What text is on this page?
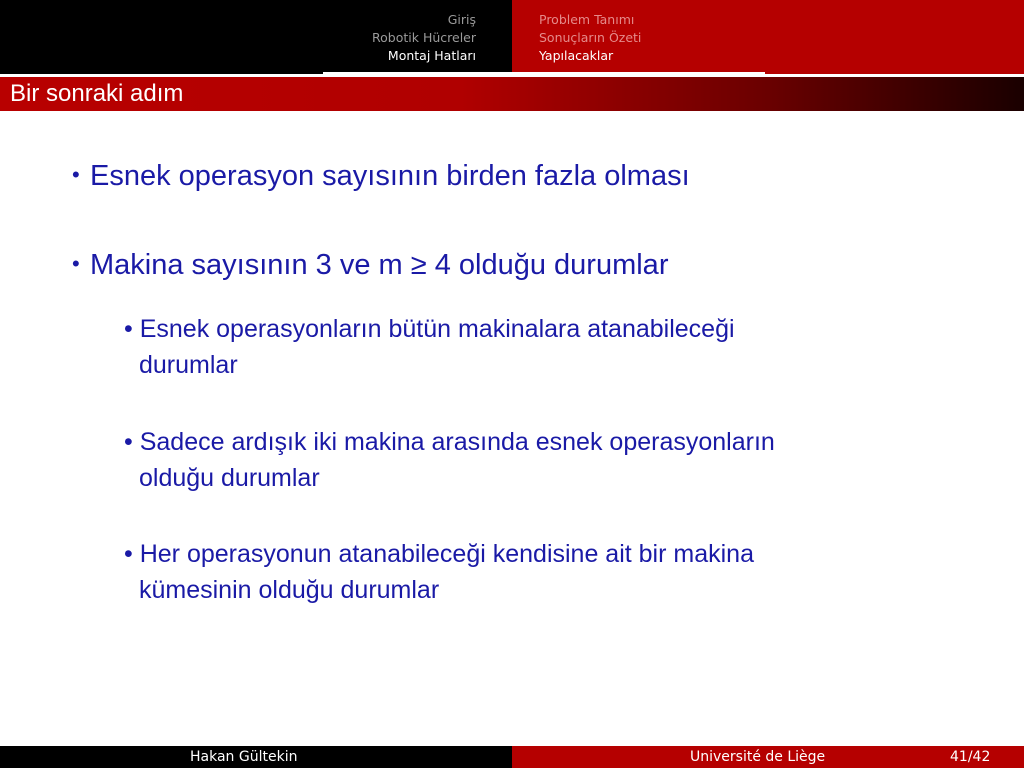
Giriş
Robotik Hücreler
Montaj Hatları
Problem Tanımı
Sonuçların Özeti
Yapılacaklar
Bir sonraki adım
• Esnek operasyon sayısının birden fazla olması
• Makina sayısının 3 ve m ≥ 4 olduğu durumlar
• Esnek operasyonların bütün makinalara atanabileceği
durumlar
• Sadece ardışık iki makina arasında esnek operasyonların
olduğu durumlar
• Her operasyonun atanabileceği kendisine ait bir makina
kümesinin olduğu durumlar
Hakan Gültekin	Université de Liège	41/42
